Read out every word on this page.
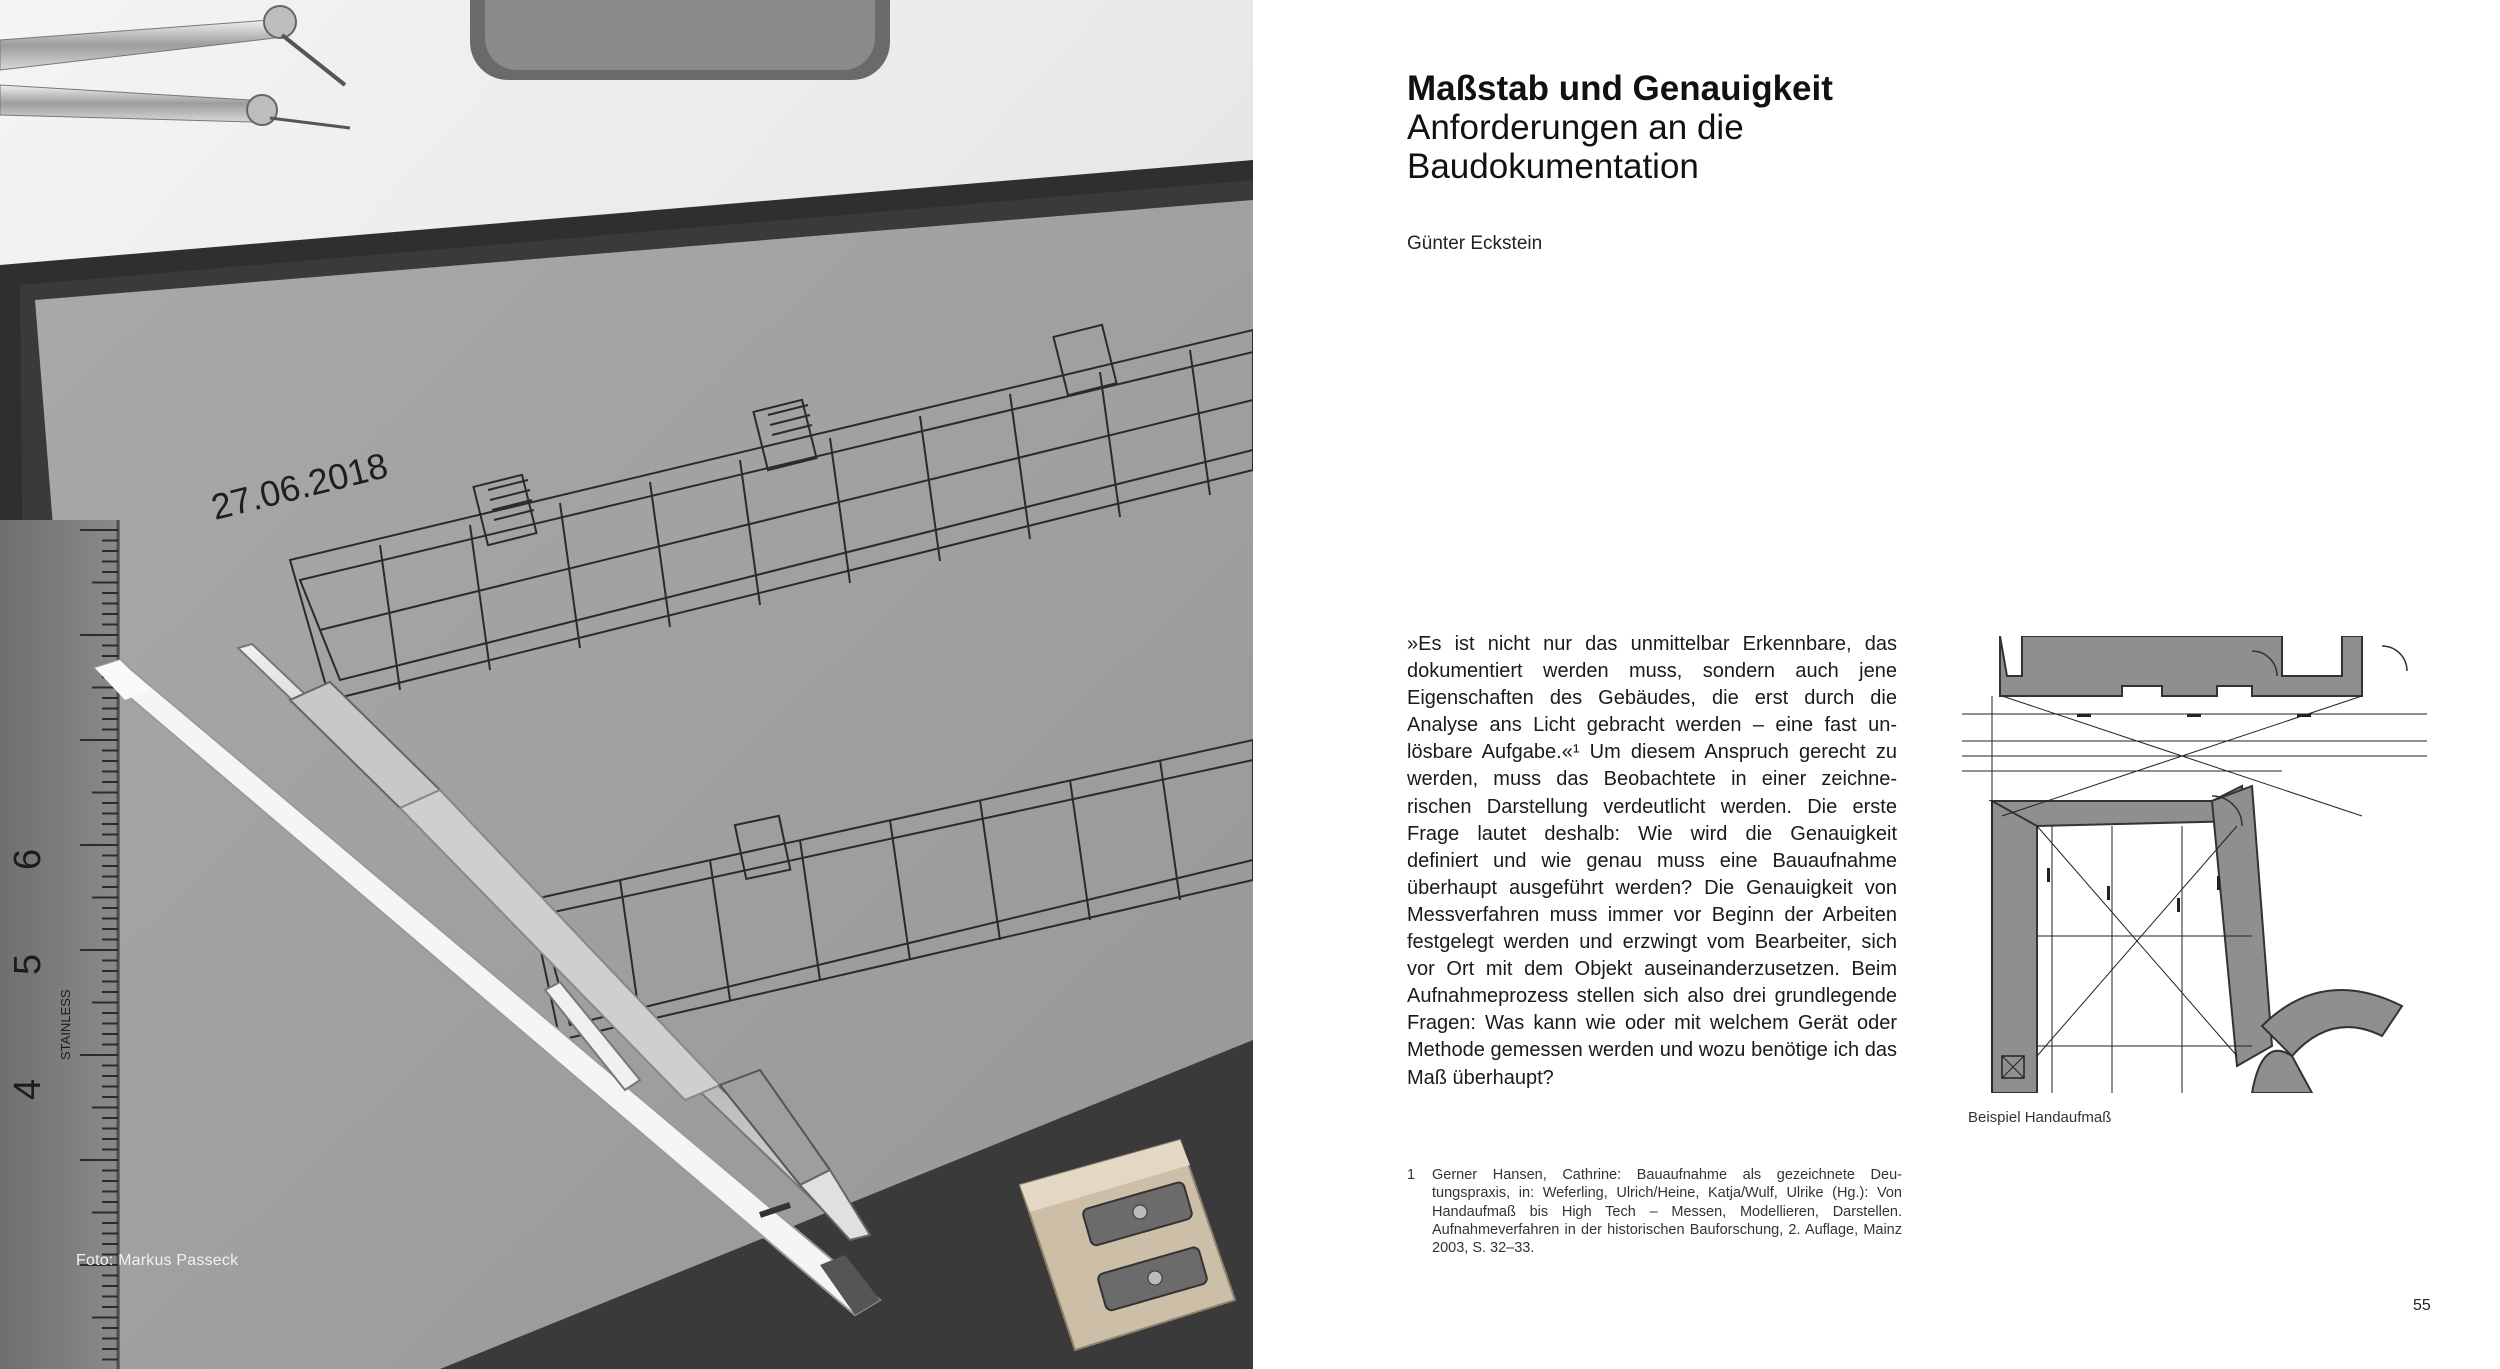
27.06.2018
6
5
4
STAINLESS
Foto: Markus Passeck
Maßstab und Genauigkeit
Anforderungen an die Baudokumentation
Günter Eckstein

»Es ist nicht nur das unmittelbar Erkennbare, das dokumentiert werden muss, sondern auch jene Eigenschaften des Gebäudes, die erst durch die Analyse ans Licht gebracht werden – eine fast unlösbare Aufgabe.«¹ Um diesem Anspruch gerecht zu werden, muss das Beobachtete in einer zeichnerischen Darstellung verdeutlicht werden. Die erste Frage lautet deshalb: Wie wird die Genauigkeit definiert und wie genau muss eine Bauaufnahme überhaupt ausgeführt werden? Die Genauigkeit von Messverfahren muss immer vor Beginn der Arbeiten festgelegt werden und erzwingt vom Bearbeiter, sich vor Ort mit dem Objekt auseinanderzusetzen. Beim Aufnahmeprozess stellen sich also drei grundlegende Fragen: Was kann wie oder mit welchem Gerät oder Methode gemessen werden und wozu benötige ich das Maß überhaupt?

Beispiel Handaufmaß
1 Gerner Hansen, Cathrine: Bauaufnahme als gezeichnete Deutungspraxis, in: Weferling, Ulrich/Heine, Katja/Wulf, Ulrike (Hg.): Von Handaufmaß bis High Tech – Messen, Modellieren, Darstellen. Aufnahmeverfahren in der historischen Bauforschung, 2. Auflage, Mainz 2003, S. 32–33.
55
